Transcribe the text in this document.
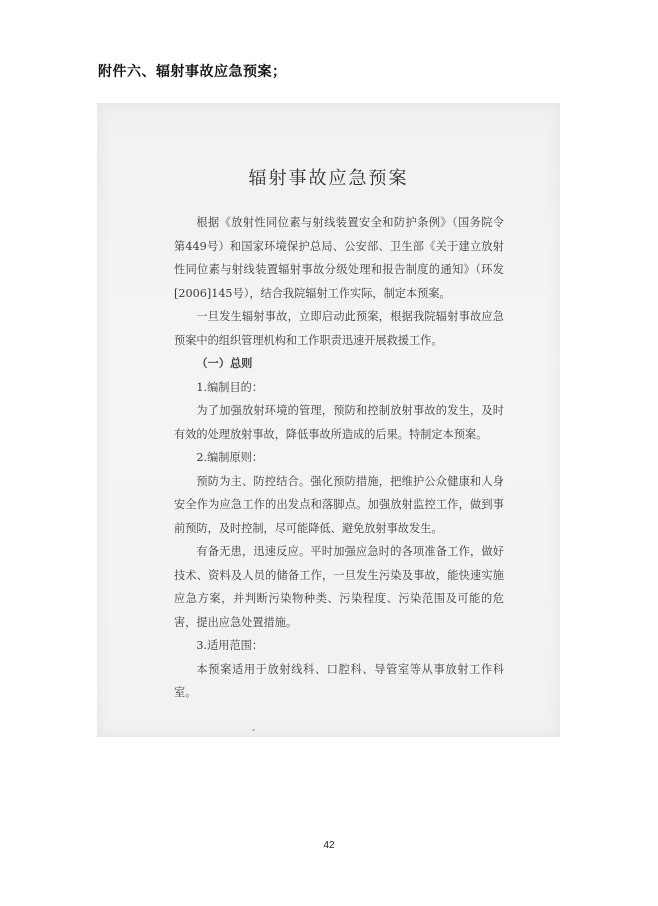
附件六、辐射事故应急预案；
辐射事故应急预案

根据《放射性同位素与射线装置安全和防护条例》（国务院令第449号）和国家环境保护总局、公安部、卫生部《关于建立放射性同位素与射线装置辐射事故分级处理和报告制度的通知》（环发[2006]145号），结合我院辐射工作实际，制定本预案。

一旦发生辐射事故，立即启动此预案，根据我院辐射事故应急预案中的组织管理机构和工作职责迅速开展救援工作。

（一）总则

1.编制目的：

为了加强放射环境的管理，预防和控制放射事故的发生，及时有效的处理放射事故，降低事故所造成的后果。特制定本预案。

2.编制原则：

预防为主、防控结合。强化预防措施，把维护公众健康和人身安全作为应急工作的出发点和落脚点。加强放射监控工作，做到事前预防，及时控制，尽可能降低、避免放射事故发生。

有备无患，迅速反应。平时加强应急时的各项准备工作，做好技术、资料及人员的储备工作，一旦发生污染及事故，能快速实施应急方案，并判断污染物种类、污染程度、污染范围及可能的危害，提出应急处置措施。

3.适用范围：

本预案适用于放射线科、口腔科、导管室等从事放射工作科室。

42
